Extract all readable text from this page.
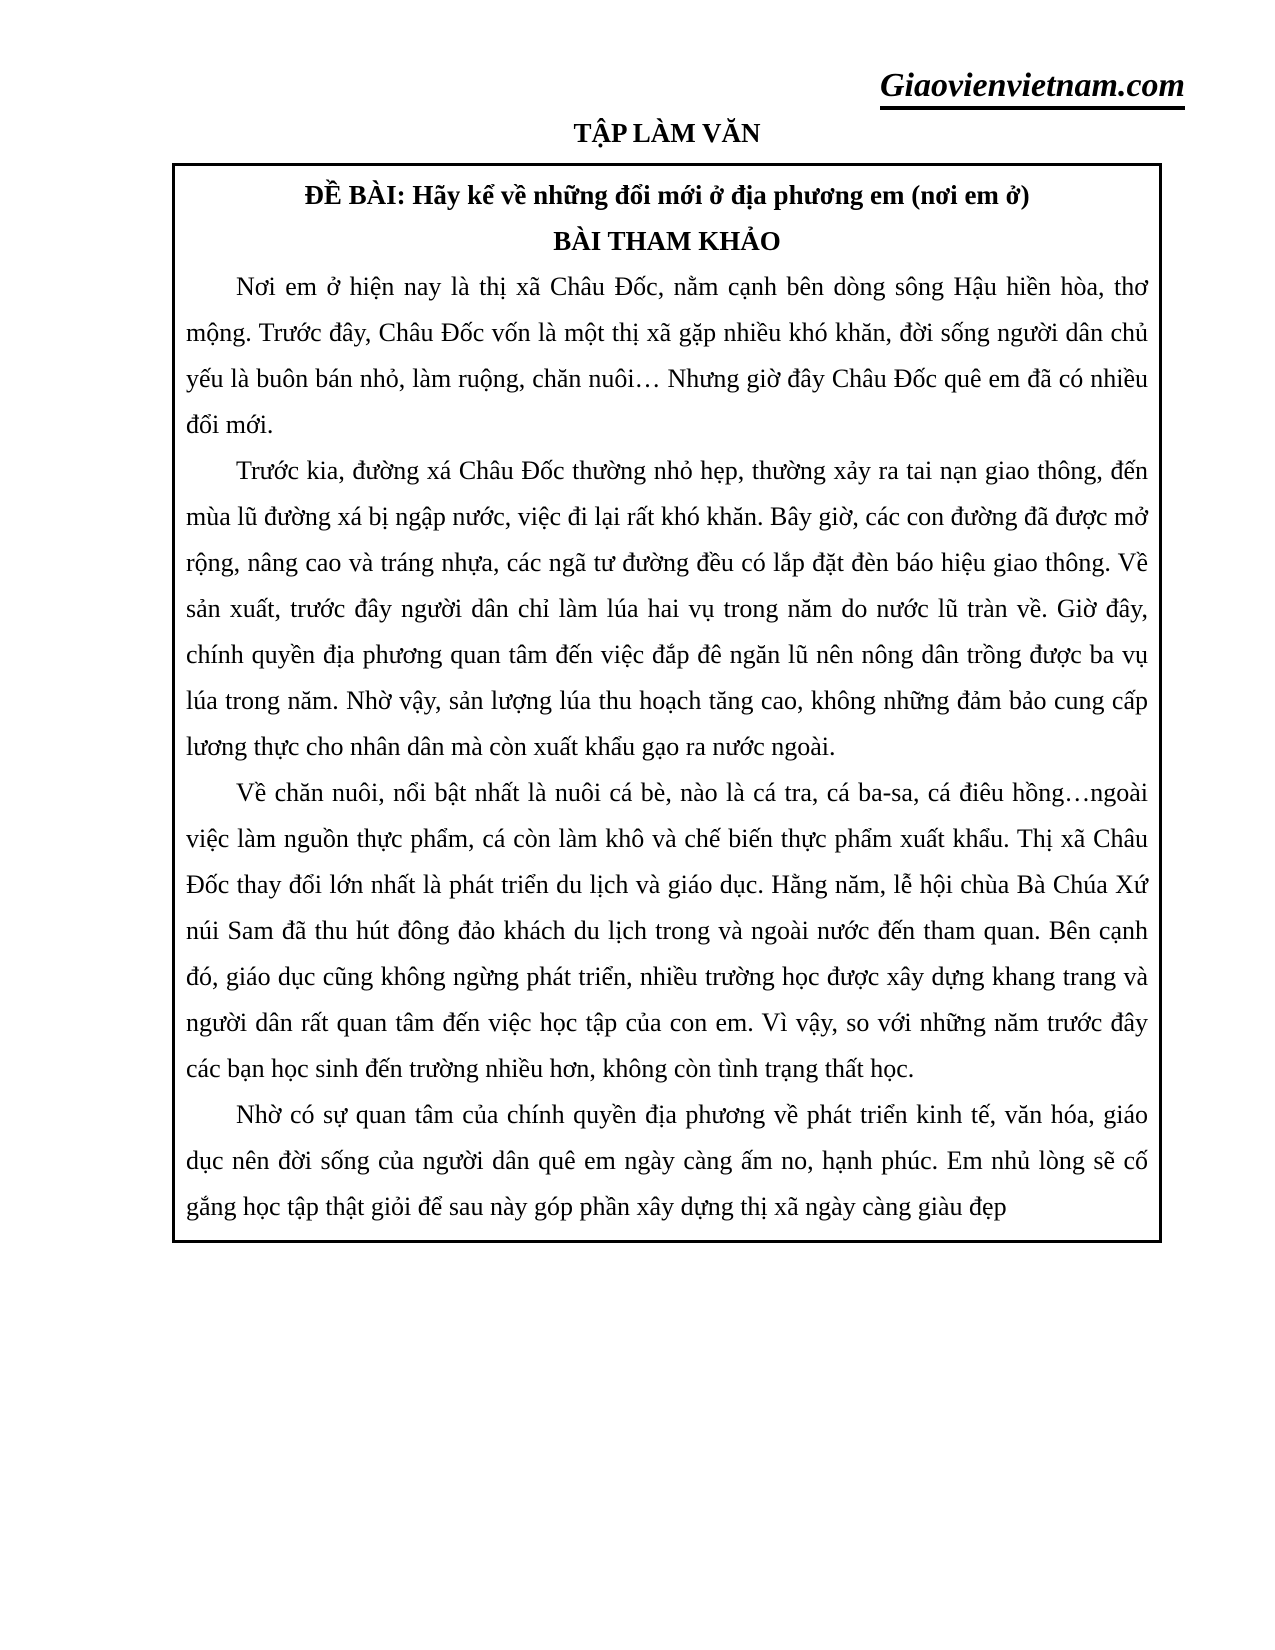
Giaovienvietnam.com
TẬP LÀM VĂN
ĐỀ BÀI: Hãy kể về những đổi mới ở địa phương em (nơi em ở)
BÀI THAM KHẢO

Nơi em ở hiện nay là thị xã Châu Đốc, nằm cạnh bên dòng sông Hậu hiền hòa, thơ mộng. Trước đây, Châu Đốc vốn là một thị xã gặp nhiều khó khăn, đời sống người dân chủ yếu là buôn bán nhỏ, làm ruộng, chăn nuôi… Nhưng giờ đây Châu Đốc quê em đã có nhiều đổi mới.

Trước kia, đường xá Châu Đốc thường nhỏ hẹp, thường xảy ra tai nạn giao thông, đến mùa lũ đường xá bị ngập nước, việc đi lại rất khó khăn. Bây giờ, các con đường đã được mở rộng, nâng cao và tráng nhựa, các ngã tư đường đều có lắp đặt đèn báo hiệu giao thông. Về sản xuất, trước đây người dân chỉ làm lúa hai vụ trong năm do nước lũ tràn về. Giờ đây, chính quyền địa phương quan tâm đến việc đắp đê ngăn lũ nên nông dân trồng được ba vụ lúa trong năm. Nhờ vậy, sản lượng lúa thu hoạch tăng cao, không những đảm bảo cung cấp lương thực cho nhân dân mà còn xuất khẩu gạo ra nước ngoài.

Về chăn nuôi, nổi bật nhất là nuôi cá bè, nào là cá tra, cá ba-sa, cá điêu hồng…ngoài việc làm nguồn thực phẩm, cá còn làm khô và chế biến thực phẩm xuất khẩu. Thị xã Châu Đốc thay đổi lớn nhất là phát triển du lịch và giáo dục. Hằng năm, lễ hội chùa Bà Chúa Xứ núi Sam đã thu hút đông đảo khách du lịch trong và ngoài nước đến tham quan. Bên cạnh đó, giáo dục cũng không ngừng phát triển, nhiều trường học được xây dựng khang trang và người dân rất quan tâm đến việc học tập của con em. Vì vậy, so với những năm trước đây các bạn học sinh đến trường nhiều hơn, không còn tình trạng thất học.

Nhờ có sự quan tâm của chính quyền địa phương về phát triển kinh tế, văn hóa, giáo dục nên đời sống của người dân quê em ngày càng ấm no, hạnh phúc. Em nhủ lòng sẽ cố gắng học tập thật giỏi để sau này góp phần xây dựng thị xã ngày càng giàu đẹp
